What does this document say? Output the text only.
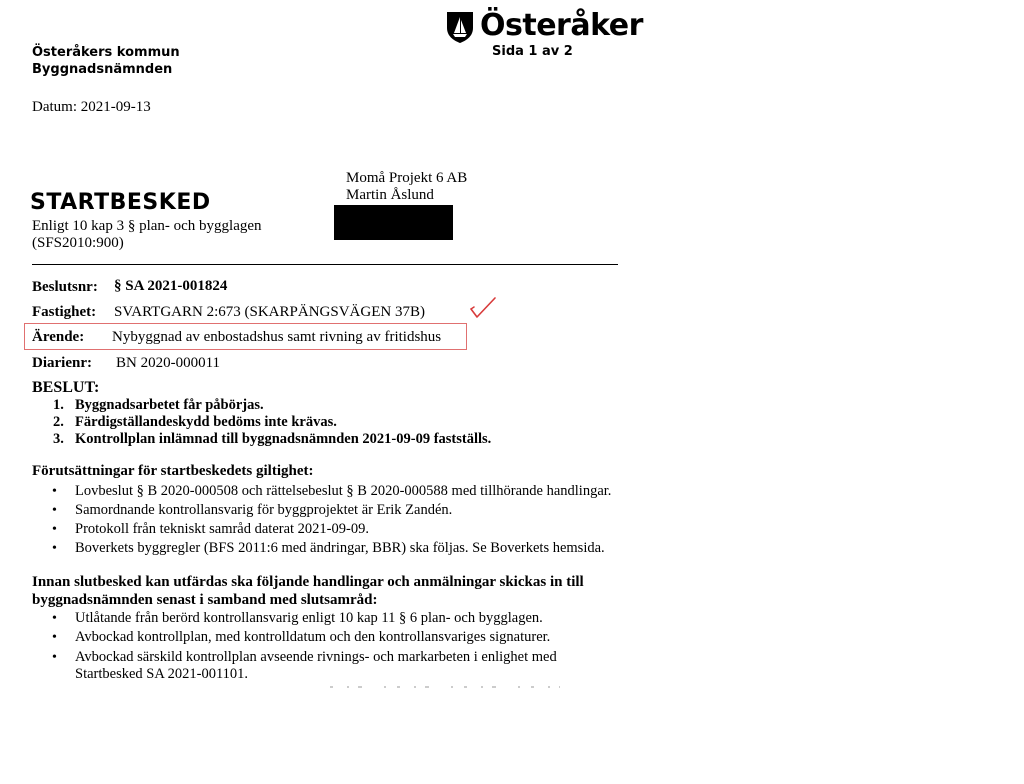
Österåkers kommun
Byggnadsnämnden
Österåker
Sida 1 av 2
Datum: 2021-09-13
STARTBESKED
Enligt 10 kap 3 § plan- och bygglagen
(SFS2010:900)
Momå Projekt 6 AB
Martin Åslund
Beslutsnr: § SA 2021-001824
Fastighet: SVARTGARN 2:673 (SKARPÄNGSVÄGEN 37B)
Ärende: Nybyggnad av enbostadshus samt rivning av fritidshus
Diarienr: BN 2020-000011
BESLUT:
1. Byggnadsarbetet får påbörjas.
2. Färdigställandeskydd bedöms inte krävas.
3. Kontrollplan inlämnad till byggnadsnämnden 2021-09-09 fastställs.
Förutsättningar för startbeskedets giltighet:
• Lovbeslut § B 2020-000508 och rättelsebeslut § B 2020-000588 med tillhörande handlingar.
• Samordnande kontrollansvarig för byggprojektet är Erik Zandén.
• Protokoll från tekniskt samråd daterat 2021-09-09.
• Boverkets byggregler (BFS 2011:6 med ändringar, BBR) ska följas. Se Boverkets hemsida.
Innan slutbesked kan utfärdas ska följande handlingar och anmälningar skickas in till
byggnadsnämnden senast i samband med slutsamråd:
• Utlåtande från berörd kontrollansvarig enligt 10 kap 11 § 6 plan- och bygglagen.
• Avbockad kontrollplan, med kontrolldatum och den kontrollansvariges signaturer.
• Avbockad särskild kontrollplan avseende rivnings- och markarbeten i enlighet med
Startbesked SA 2021-001101.
